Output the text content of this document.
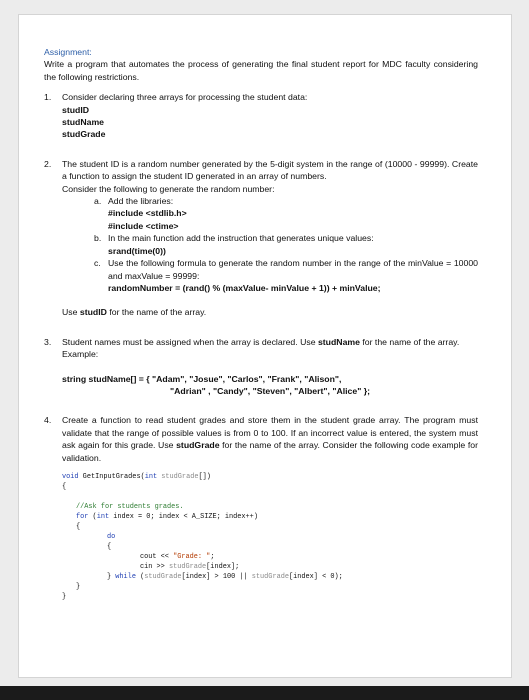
Assignment:

Write a program that automates the process of generating the final student report for MDC faculty considering the following restrictions.

1. Consider declaring three arrays for processing the student data:
studID
studName
studGrade
2. The student ID is a random number generated by the 5-digit system in the range of (10000 - 99999). Create a function to assign the student ID generated in an array of numbers.
Consider the following to generate the random number:
a. Add the libraries:
#include <stdlib.h>
#include <ctime>
b. In the main function add the instruction that generates unique values:
srand(time(0))
c. Use the following formula to generate the random number in the range of the minValue = 10000 and maxValue = 99999:
randomNumber = (rand() % (maxValue- minValue + 1)) + minValue;
Use studID for the name of the array.
3. Student names must be assigned when the array is declared. Use studName for the name of the array.
Example:
string studName[] = { "Adam", "Josue", "Carlos", "Frank", "Alison",
"Adrian" , "Candy", "Steven", "Albert", "Alice" };
4. Create a function to read student grades and store them in the student grade array. The program must validate that the range of possible values is from 0 to 100. If an incorrect value is entered, the system must ask again for this grade. Use studGrade for the name of the array. Consider the following code example for validation.
void GetInputGrades(int studGrade[])
{
//Ask for students grades.
for (int index = 0; index < A_SIZE; index++)
{
do
{
cout << "Grade: ";
cin >> studGrade[index];
} while (studGrade[index] > 100 || studGrade[index] < 0);
}
}
